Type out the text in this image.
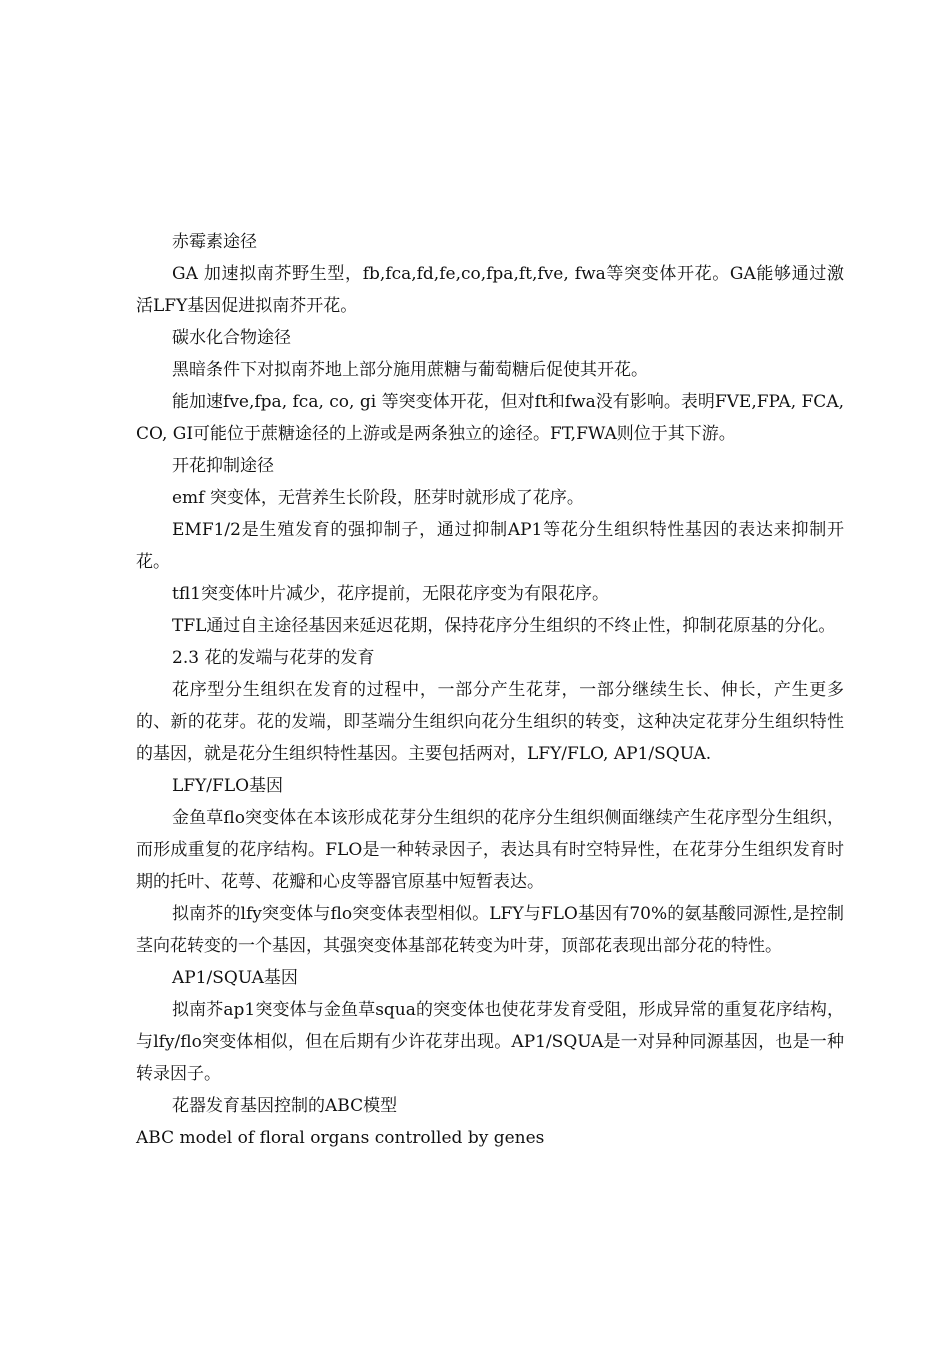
赤霉素途径

GA 加速拟南芥野生型，fb,fca,fd,fe,co,fpa,ft,fve, fwa等突变体开花。GA能够通过激活LFY基因促进拟南芥开花。

碳水化合物途径

黑暗条件下对拟南芥地上部分施用蔗糖与葡萄糖后促使其开花。

能加速fve,fpa, fca, co, gi 等突变体开花，但对ft和fwa没有影响。表明FVE,FPA, FCA, CO, GI可能位于蔗糖途径的上游或是两条独立的途径。FT,FWA则位于其下游。

开花抑制途径

emf 突变体，无营养生长阶段，胚芽时就形成了花序。

EMF1/2是生殖发育的强抑制子，通过抑制AP1等花分生组织特性基因的表达来抑制开花。

tfl1突变体叶片减少，花序提前，无限花序变为有限花序。

TFL通过自主途径基因来延迟花期，保持花序分生组织的不终止性，抑制花原基的分化。

2.3 花的发端与花芽的发育

花序型分生组织在发育的过程中，一部分产生花芽，一部分继续生长、伸长，产生更多的、新的花芽。花的发端，即茎端分生组织向花分生组织的转变，这种决定花芽分生组织特性的基因，就是花分生组织特性基因。主要包括两对，LFY/FLO, AP1/SQUA.

LFY/FLO基因

金鱼草flo突变体在本该形成花芽分生组织的花序分生组织侧面继续产生花序型分生组织，而形成重复的花序结构。FLO是一种转录因子，表达具有时空特异性，在花芽分生组织发育时期的托叶、花萼、花瓣和心皮等器官原基中短暂表达。

拟南芥的lfy突变体与flo突变体表型相似。LFY与FLO基因有70%的氨基酸同源性,是控制茎向花转变的一个基因，其强突变体基部花转变为叶芽，顶部花表现出部分花的特性。

AP1/SQUA基因

拟南芥ap1突变体与金鱼草squa的突变体也使花芽发育受阻，形成异常的重复花序结构，与lfy/flo突变体相似，但在后期有少许花芽出现。AP1/SQUA是一对异种同源基因，也是一种转录因子。

花器发育基因控制的ABC模型

ABC model of floral organs controlled by genes
